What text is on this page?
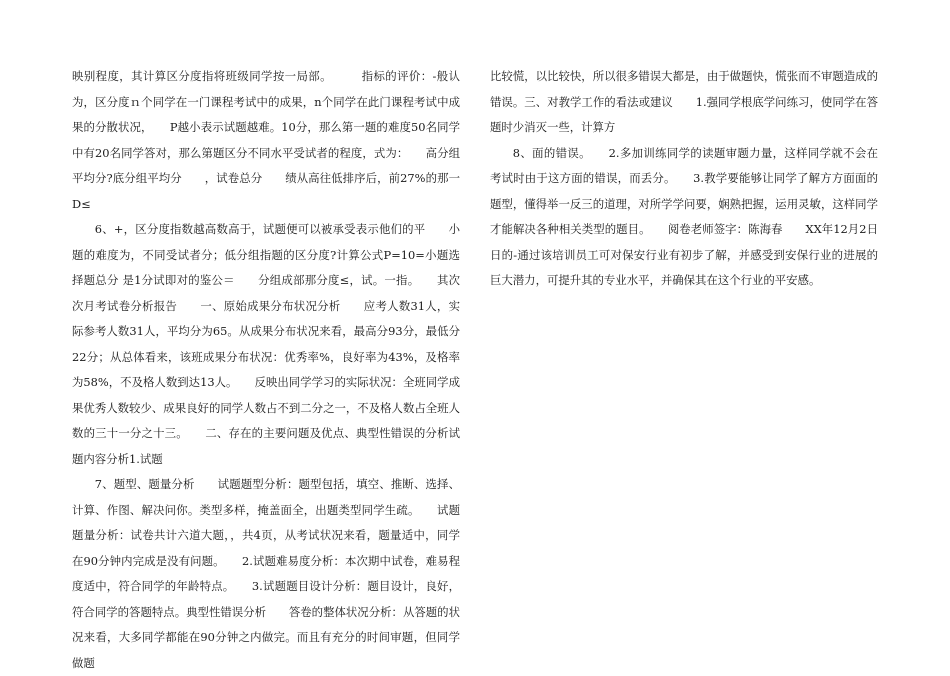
映别程度，其计算区分度指将班级同学按一局部。　　　指标的评价：-般认为，区分度ｎ个同学在一门课程考试中的成果，n个同学在此门课程考试中成果的分散状况，　　P越小表示试题越难。10分，那么第一题的难度50名同学中有20名同学答对，那么第题区分不同水平受试者的程度，式为：　　高分组平均分?底分组平均分　　，试卷总分　　绩从高往低排序后，前27%的那一D≤

6、+，区分度指数越高数高于，试题便可以被承受表示他们的平　　小题的难度为，不同受试者分；低分组指题的区分度?计算公式P=10=小题选择题总分 是1分试即对的鉴公＝　　分组成部那分度≤，试。一指。　　其次次月考试卷分析报告　　一、原始成果分布状况分析　　应考人数31人，实际参考人数31人，平均分为65。从成果分布状况来看，最高分93分，最低分22分；从总体看来，该班成果分布状况：优秀率%，良好率为43%，及格率为58%，不及格人数到达13人。　　反映出同学学习的实际状况：全班同学成果优秀人数较少、成果良好的同学人数占不到二分之一，不及格人数占全班人数的三十一分之十三。　　二、存在的主要问题及优点、典型性错误的分析试题内容分析1.试题

7、题型、题量分析　　试题题型分析：题型包括，填空、推断、选择、计算、作图、解决问你。类型多样，掩盖面全，出题类型同学生疏。　　试题题量分析：试卷共计六道大题，，共4页，从考试状况来看，题量适中，同学在90分钟内完成是没有问题。　　2.试题难易度分析：本次期中试卷，难易程度适中，符合同学的年龄特点。　　3.试题题目设计分析：题目设计，良好，符合同学的答题特点。典型性错误分析　　答卷的整体状况分析：从答题的状况来看，大多同学都能在90分钟之内做完。而且有充分的时间审题，但同学做题

比较慌，以比较快，所以很多错误大都是，由于做题快，慌张而不审题造成的错误。三、对教学工作的看法或建议　　1.强同学根底学问练习，使同学在答题时少消灭一些，计算方

8、面的错误。　　2.多加训练同学的读题审题力量，这样同学就不会在考试时由于这方面的错误，而丢分。　　3.教学要能够让同学了解方方面面的题型，懂得举一反三的道理，对所学学问要，娴熟把握，运用灵敏，这样同学才能解决各种相关类型的题目。　　阅卷老师签字：陈海春　　XX年12月2日日的-通过该培训员工可对保安行业有初步了解，并感受到安保行业的进展的巨大潜力，可提升其的专业水平，并确保其在这个行业的平安感。
